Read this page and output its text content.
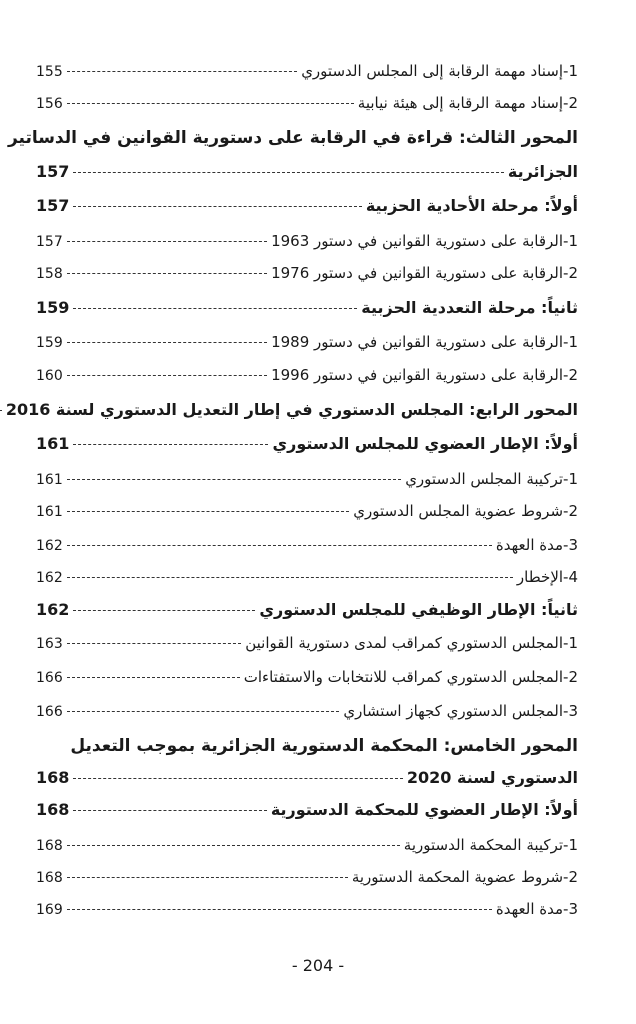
1-إسناد مهمة الرقابة إلى المجلس الدستوري
155
2-إسناد مهمة الرقابة إلى هيئة نيابية
156
المحور الثالث: قراءة في الرقابة على دستورية القوانين في الدساتير
الجزائرية
157
أولاً: مرحلة الأحادية الحزبية
157
1-الرقابة على دستورية القوانين في دستور 1963
157
2-الرقابة على دستورية القوانين في دستور 1976
158
ثانياً: مرحلة التعددية الحزبية
159
1-الرقابة على دستورية القوانين في دستور 1989
159
2-الرقابة على دستورية القوانين في دستور 1996
160
المحور الرابع: المجلس الدستوري في إطار التعديل الدستوري لسنة 2016
أولاً: الإطار العضوي للمجلس الدستوري
161
1-تركيبة المجلس الدستوري
161
2-شروط عضوية المجلس الدستوري
161
3-مدة العهدة
162
4-الإخطار
162
ثانياً: الإطار الوظيفي للمجلس الدستوري
162
1-المجلس الدستوري كمراقب لمدى دستورية القوانين
163
2-المجلس الدستوري كمراقب للانتخابات والاستفتاءات
166
3-المجلس الدستوري كجهاز استشاري
166
المحور الخامس: المحكمة الدستورية الجزائرية بموجب التعديل
الدستوري لسنة 2020
168
أولاً: الإطار العضوي للمحكمة الدستورية
168
1-تركيبة المحكمة الدستورية
168
2-شروط عضوية المحكمة الدستورية
168
3-مدة العهدة
169
- 204 -
